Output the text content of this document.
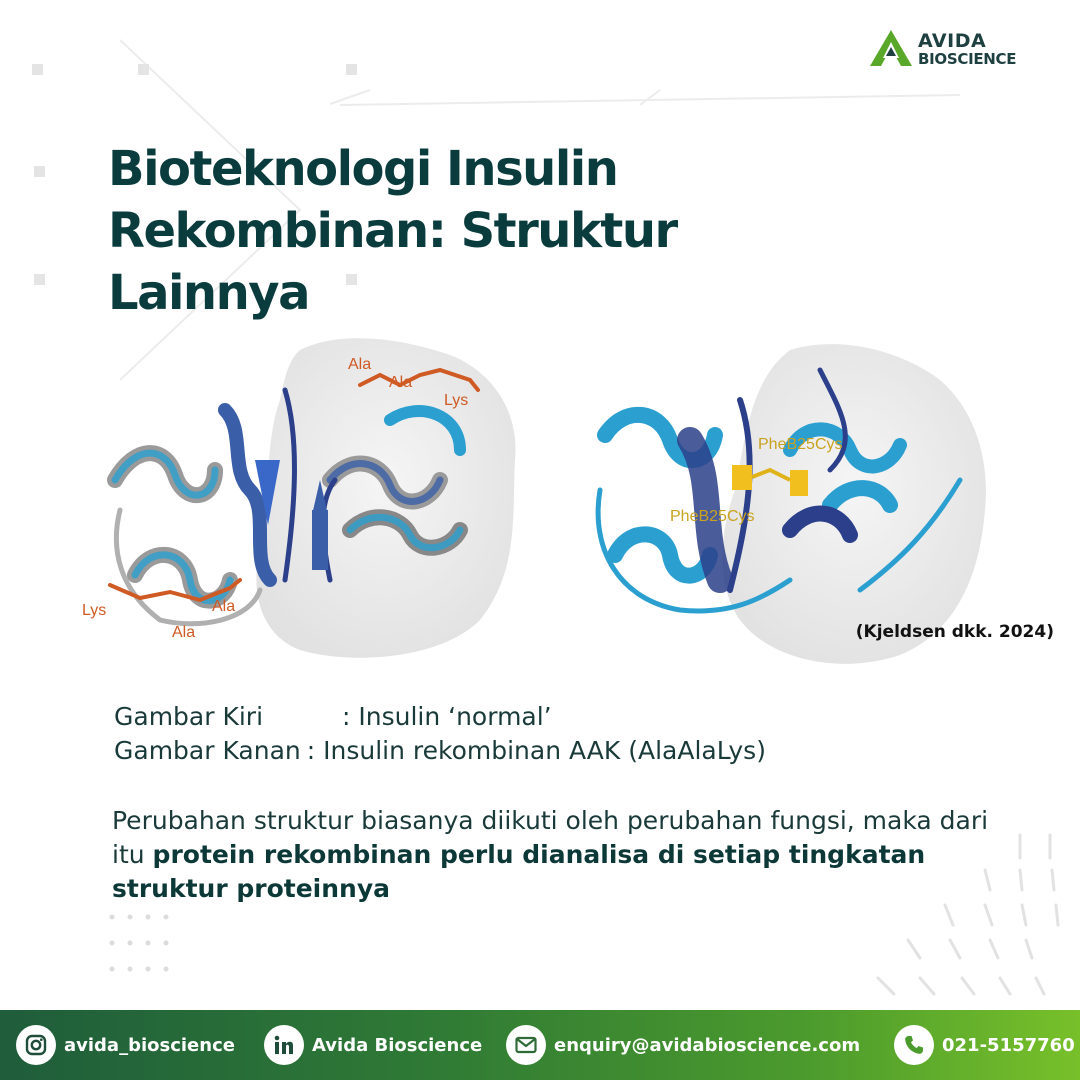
AVIDA
BIOSCIENCE
Bioteknologi Insulin
Rekombinan: Struktur
Lainnya
Ala
Ala
Lys
Lys
Ala
Ala
PheB25Cys
PheB25Cys
(Kjeldsen dkk. 2024)
Gambar Kiri	: Insulin ‘normal’
Gambar Kanan : Insulin rekombinan AAK (AlaAlaLys)

Perubahan struktur biasanya diikuti oleh perubahan fungsi, maka dari itu protein rekombinan perlu dianalisa di setiap tingkatan struktur proteinnya

avida_bioscience	Avida Bioscience	enquiry@avidabioscience.com	021-5157760
